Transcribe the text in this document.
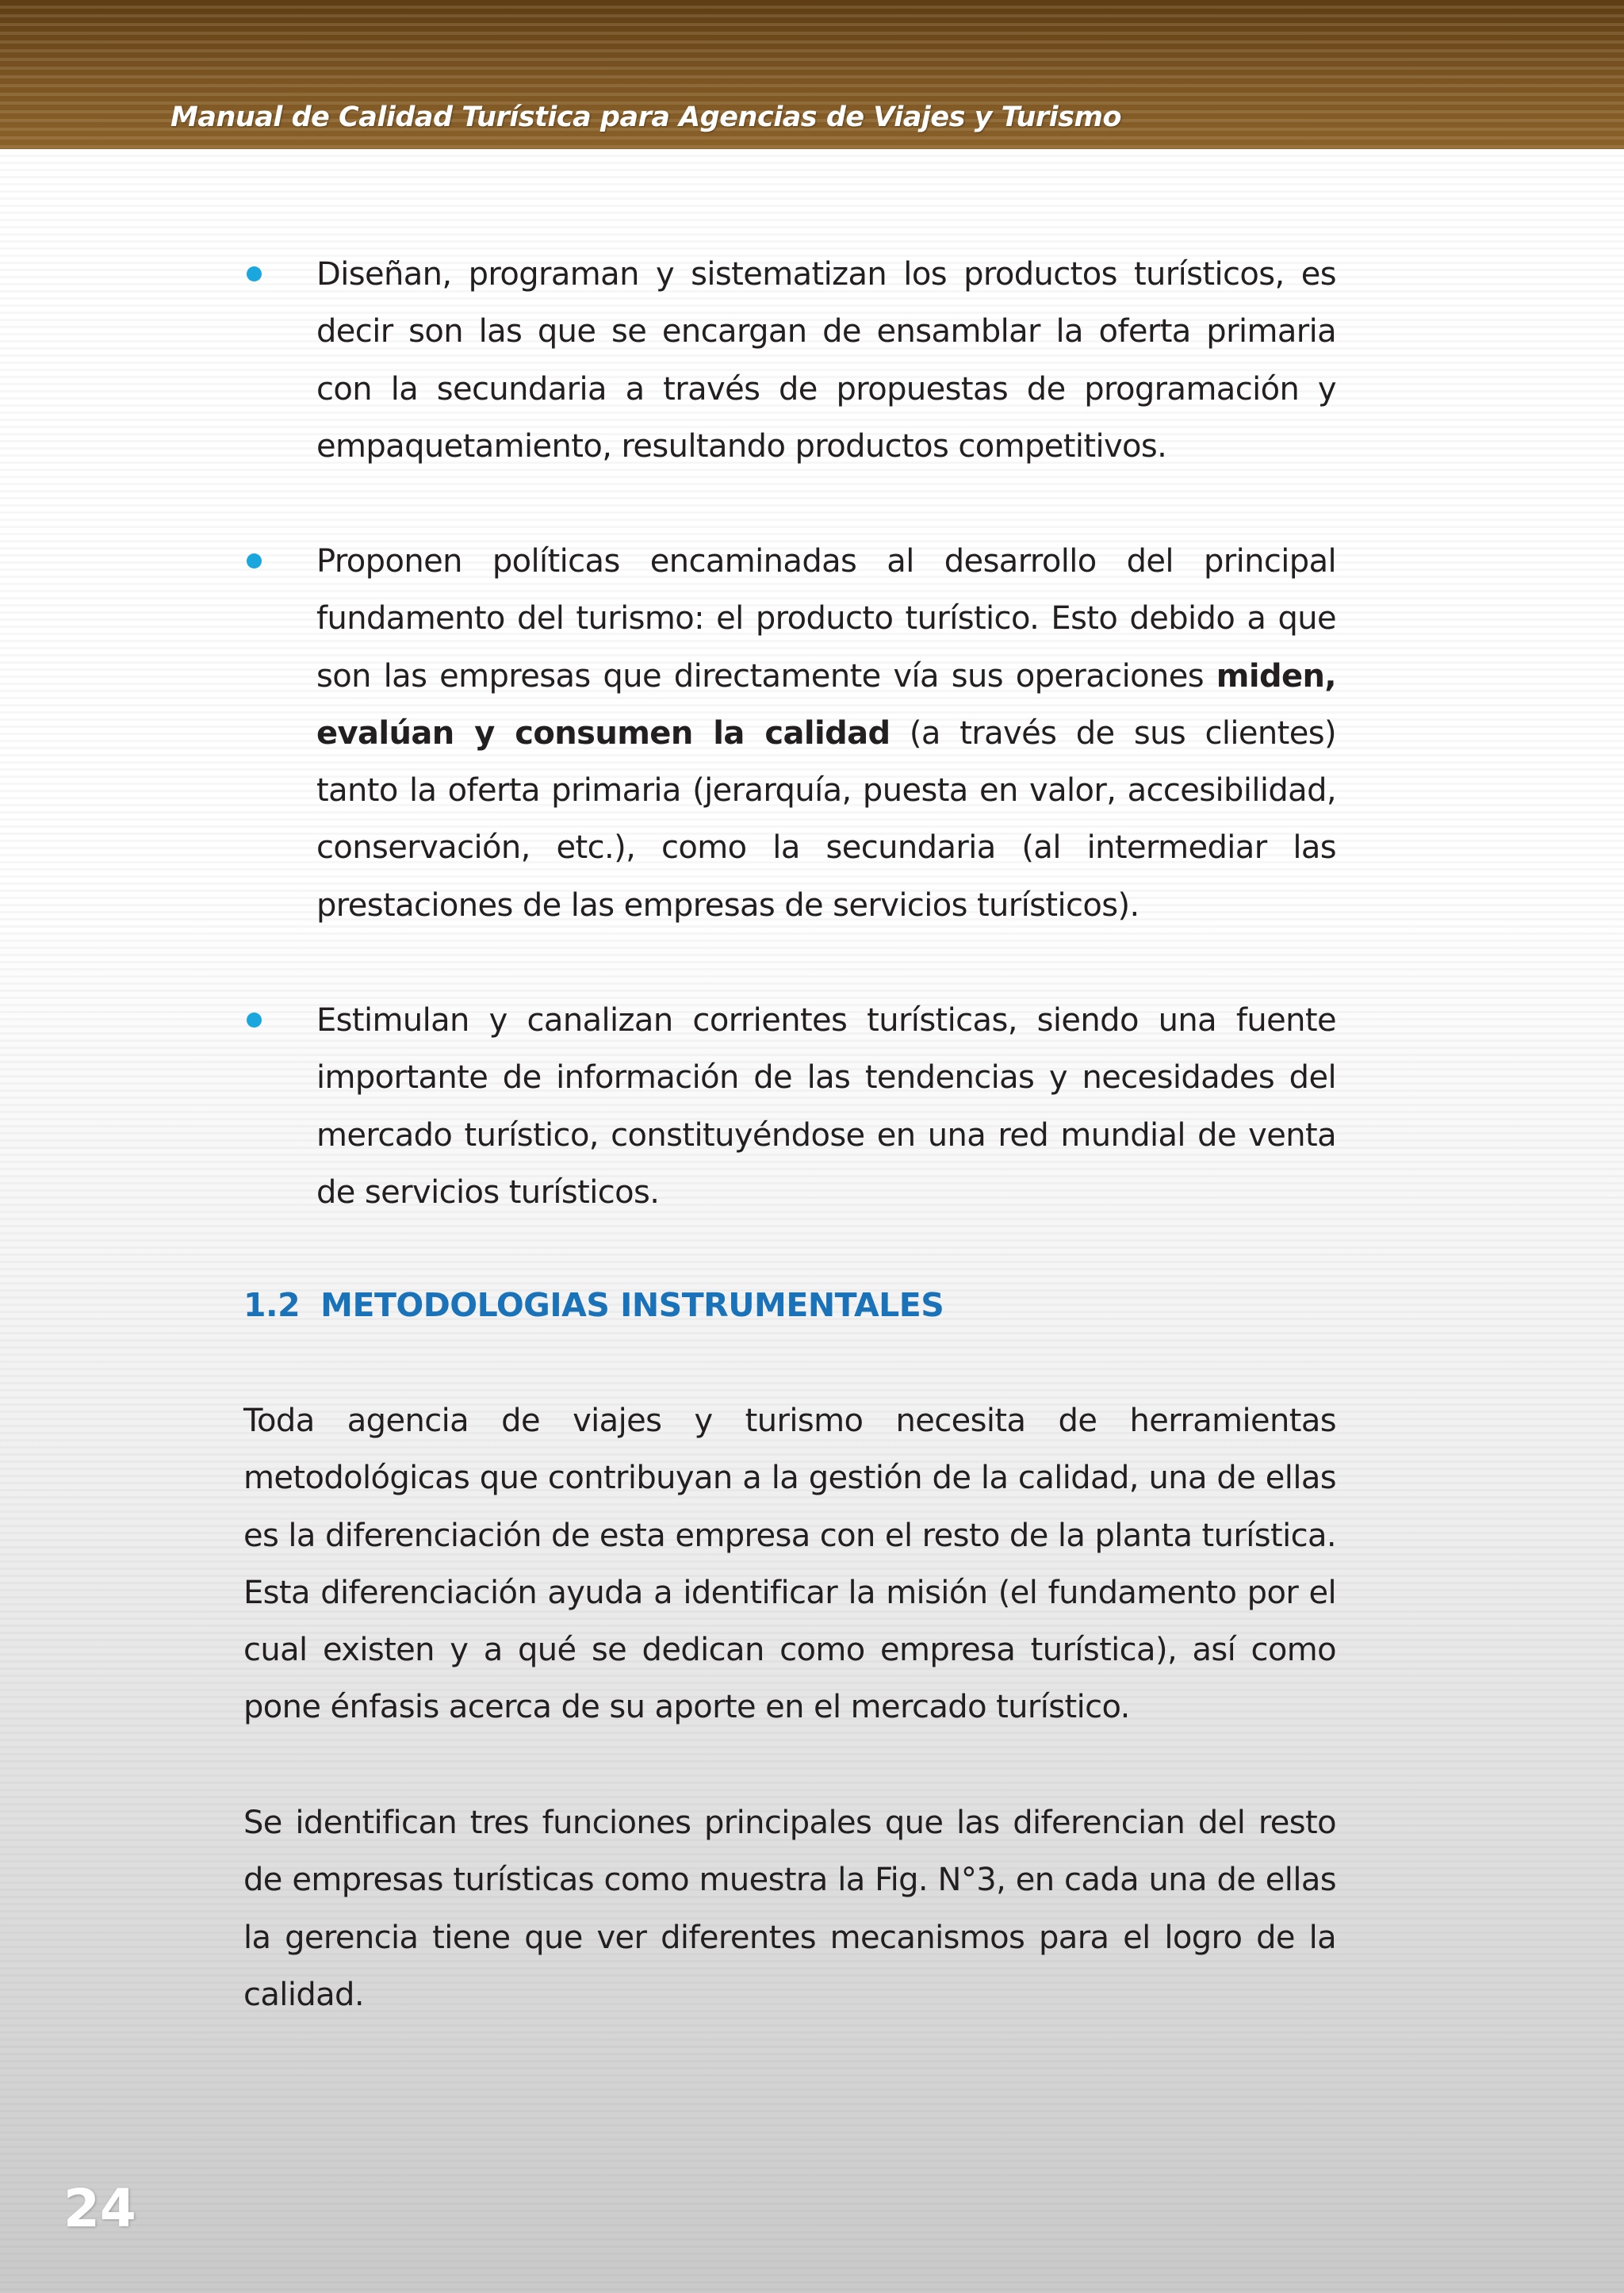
Manual de Calidad Turística para Agencias de Viajes y Turismo
Diseñan, programan y sistematizan los productos turísticos, es decir son las que se encargan de ensamblar la oferta primaria con la secundaria a través de propuestas de programación y empaquetamiento, resultando productos competitivos.
Proponen políticas encaminadas al desarrollo del principal fundamento del turismo: el producto turístico. Esto debido a que son las empresas que directamente vía sus operaciones miden, evalúan y consumen la calidad (a través de sus clientes) tanto la oferta primaria (jerarquía, puesta en valor, accesibilidad, conservación, etc.), como la secundaria (al intermediar las prestaciones de las empresas de servicios turísticos).
Estimulan y canalizan corrientes turísticas, siendo una fuente importante de información de las tendencias y necesidades del mercado turístico, constituyéndose en una red mundial de venta de servicios turísticos.
1.2 METODOLOGIAS INSTRUMENTALES

Toda agencia de viajes y turismo necesita de herramientas metodológicas que contribuyan a la gestión de la calidad, una de ellas es la diferenciación de esta empresa con el resto de la planta turística. Esta diferenciación ayuda a identificar la misión (el fundamento por el cual existen y a qué se dedican como empresa turística), así como pone énfasis acerca de su aporte en el mercado turístico.

Se identifican tres funciones principales que las diferencian del resto de empresas turísticas como muestra la Fig. N°3, en cada una de ellas la gerencia tiene que ver diferentes mecanismos para el logro de la calidad.

24
